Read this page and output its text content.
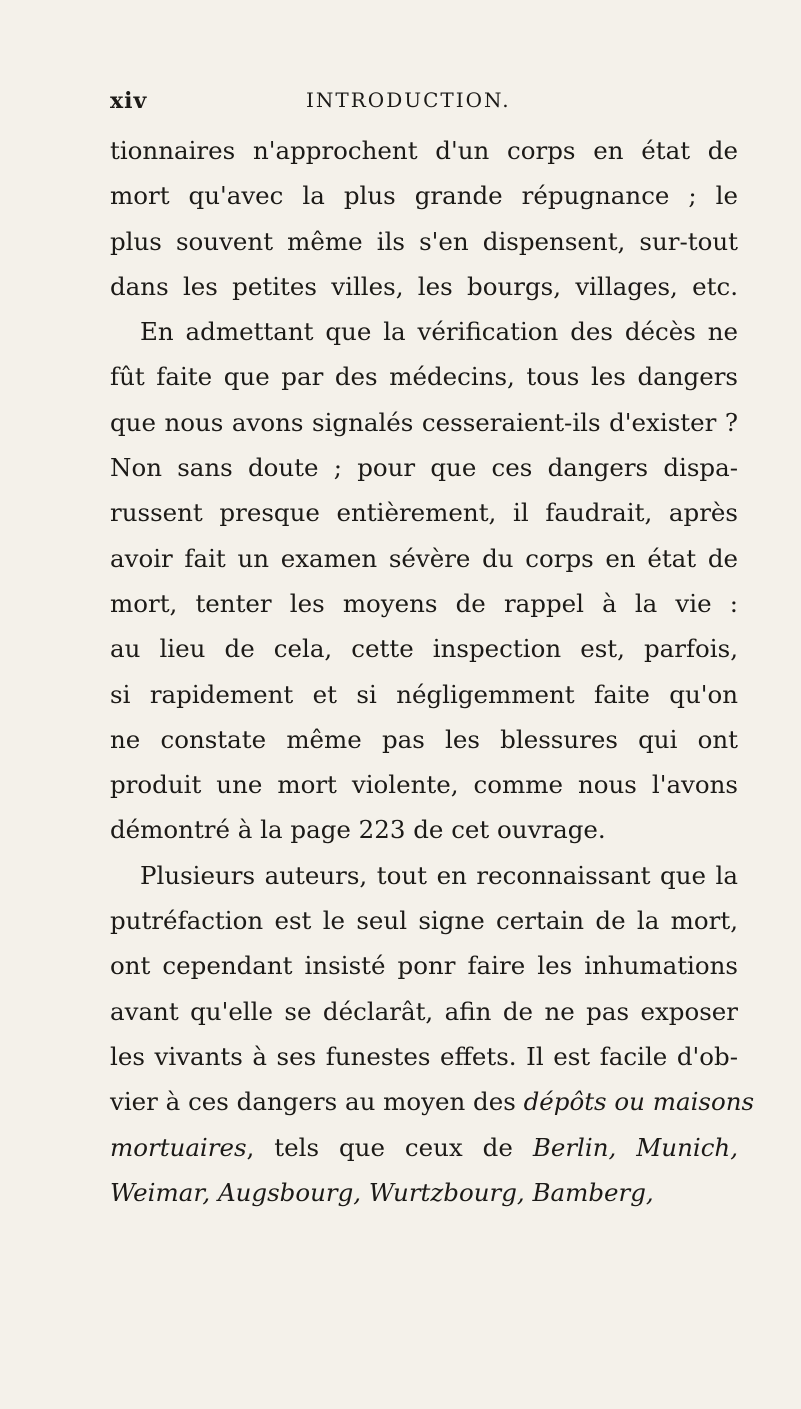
xiv	INTRODUCTION.
tionnaires n'approchent d'un corps en état de
mort qu'avec la plus grande répugnance ; le
plus souvent même ils s'en dispensent, sur-tout
dans les petites villes, les bourgs, villages, etc.
En admettant que la vérification des décès ne
fût faite que par des médecins, tous les dangers
que nous avons signalés cesseraient-ils d'exister ?
Non sans doute ; pour que ces dangers dispa-
russent presque entièrement, il faudrait, après
avoir fait un examen sévère du corps en état de
mort, tenter les moyens de rappel à la vie :
au lieu de cela, cette inspection est, parfois,
si rapidement et si négligemment faite qu'on
ne constate même pas les blessures qui ont
produit une mort violente, comme nous l'avons
démontré à la page 223 de cet ouvrage.
Plusieurs auteurs, tout en reconnaissant que la
putréfaction est le seul signe certain de la mort,
ont cependant insisté ponr faire les inhumations
avant qu'elle se déclarât, afin de ne pas exposer
les vivants à ses funestes effets. Il est facile d'ob-
vier à ces dangers au moyen des dépôts ou maisons
mortuaires, tels que ceux de Berlin, Munich,
Weimar, Augsbourg, Wurtzbourg, Bamberg,
